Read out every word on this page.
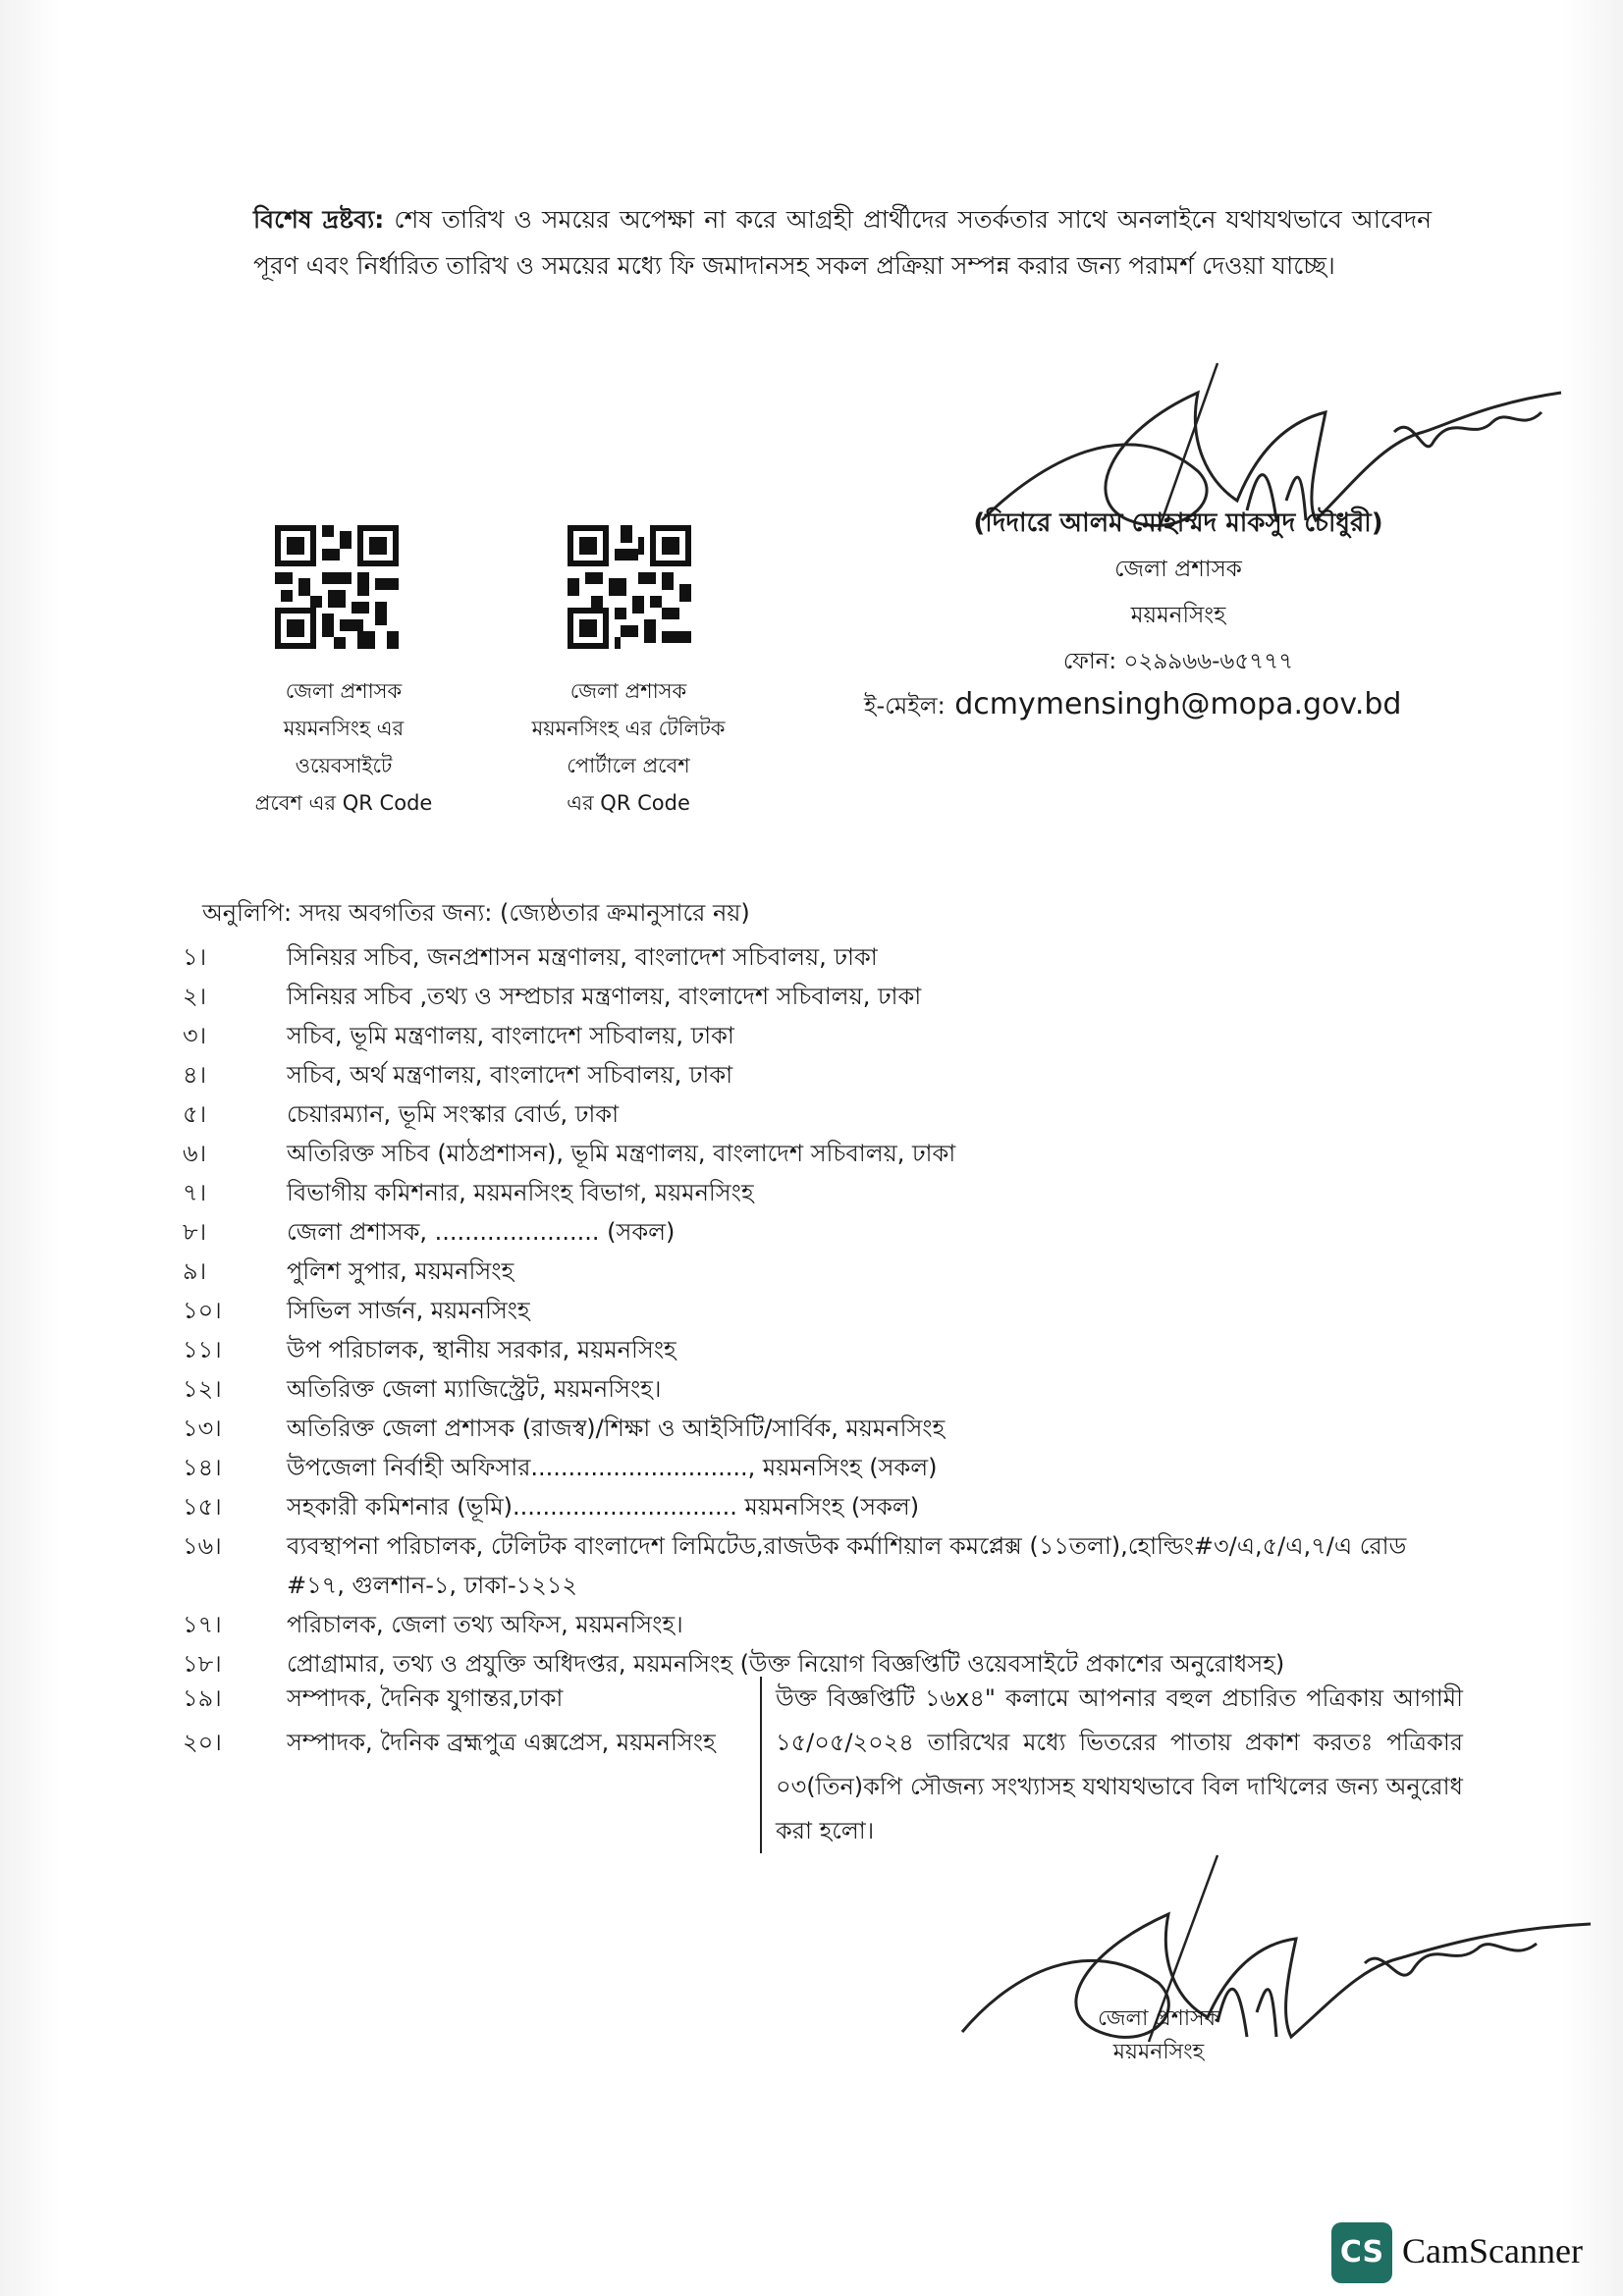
বিশেষ দ্রষ্টব্য: শেষ তারিখ ও সময়ের অপেক্ষা না করে আগ্রহী প্রার্থীদের সতর্কতার সাথে অনলাইনে যথাযথভাবে আবেদন পূরণ এবং নির্ধারিত তারিখ ও সময়ের মধ্যে ফি জমাদানসহ সকল প্রক্রিয়া সম্পন্ন করার জন্য পরামর্শ দেওয়া যাচ্ছে।
(দিদারে আলম মোহাম্মদ মাকসুদ চৌধুরী)
জেলা প্রশাসক
ময়মনসিংহ
ফোন: ০২৯৯৬৬-৬৫৭৭৭
ই-মেইল: dcmymensingh@mopa.gov.bd
জেলা প্রশাসক
ময়মনসিংহ এর
ওয়েবসাইটে
প্রবেশ এর QR Code
জেলা প্রশাসক
ময়মনসিংহ এর টেলিটক
পোর্টালে প্রবেশ
এর QR Code
অনুলিপি: সদয় অবগতির জন্য: (জ্যেষ্ঠতার ক্রমানুসারে নয়)
১।	সিনিয়র সচিব, জনপ্রশাসন মন্ত্রণালয়, বাংলাদেশ সচিবালয়, ঢাকা
২।	সিনিয়র সচিব ,তথ্য ও সম্প্রচার মন্ত্রণালয়, বাংলাদেশ সচিবালয়, ঢাকা
৩।	সচিব, ভূমি মন্ত্রণালয়, বাংলাদেশ সচিবালয়, ঢাকা
৪।	সচিব, অর্থ মন্ত্রণালয়, বাংলাদেশ সচিবালয়, ঢাকা
৫।	চেয়ারম্যান, ভূমি সংস্কার বোর্ড, ঢাকা
৬।	অতিরিক্ত সচিব (মাঠপ্রশাসন), ভূমি মন্ত্রণালয়, বাংলাদেশ সচিবালয়, ঢাকা
৭।	বিভাগীয় কমিশনার, ময়মনসিংহ বিভাগ, ময়মনসিংহ
৮।	জেলা প্রশাসক, ...................... (সকল)
৯।	পুলিশ সুপার, ময়মনসিংহ
১০।	সিভিল সার্জন, ময়মনসিংহ
১১।	উপ পরিচালক, স্থানীয় সরকার, ময়মনসিংহ
১২।	অতিরিক্ত জেলা ম্যাজিস্ট্রেট, ময়মনসিংহ।
১৩।	অতিরিক্ত জেলা প্রশাসক (রাজস্ব)/শিক্ষা ও আইসিটি/সার্বিক, ময়মনসিংহ
১৪।	উপজেলা নির্বাহী অফিসার............................., ময়মনসিংহ (সকল)
১৫।	সহকারী কমিশনার (ভূমি).............................. ময়মনসিংহ (সকল)
১৬।	ব্যবস্থাপনা পরিচালক, টেলিটক বাংলাদেশ লিমিটেড,রাজউক কর্মাশিয়াল কমপ্লেক্স (১১তলা),হোল্ডিং#৩/এ,৫/এ,৭/এ রোড #১৭, গুলশান-১, ঢাকা-১২১২
১৭।	পরিচালক, জেলা তথ্য অফিস, ময়মনসিংহ।
১৮।	প্রোগ্রামার, তথ্য ও প্রযুক্তি অধিদপ্তর, ময়মনসিংহ (উক্ত নিয়োগ বিজ্ঞপ্তিটি ওয়েবসাইটে প্রকাশের অনুরোধসহ)
১৯।	সম্পাদক, দৈনিক যুগান্তর,ঢাকা
২০।	সম্পাদক, দৈনিক ব্রহ্মপুত্র এক্সপ্রেস, ময়মনসিংহ
উক্ত বিজ্ঞপ্তিটি ১৬x৪" কলামে আপনার বহুল প্রচারিত পত্রিকায় আগামী ১৫/০৫/২০২৪ তারিখের মধ্যে ভিতরের পাতায় প্রকাশ করতঃ পত্রিকার ০৩(তিন)কপি সৌজন্য সংখ্যাসহ যথাযথভাবে বিল দাখিলের জন্য অনুরোধ করা হলো।
জেলা প্রশাসক
ময়মনসিংহ
CS CamScanner
